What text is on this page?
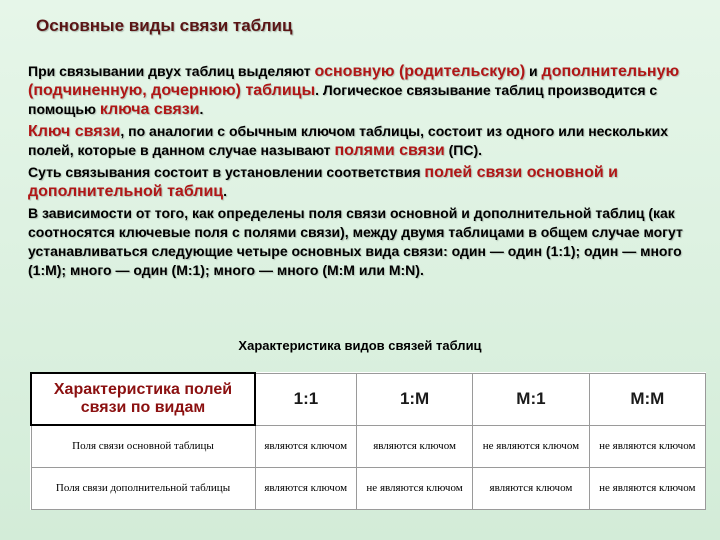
Основные виды связи таблиц

При связывании двух таблиц выделяют основную (родительскую) и дополнительную (подчиненную, дочернюю) таблицы. Логическое связывание таблиц производится с помощью ключа связи.

Ключ связи, по аналогии с обычным ключом таблицы, состоит из одного или нескольких полей, которые в данном случае называют полями связи (ПС).

Суть связывания состоит в установлении соответствия полей связи основной и дополнительной таблиц.

В зависимости от того, как определены поля связи основной и дополнительной таблиц (как соотносятся ключевые поля с полями связи), между двумя таблицами в общем случае могут устанавливаться следующие четыре основных вида связи: один — один (1:1); один — много (1:М); много — один (М:1); много — много (М:М или М:N).

Характеристика видов связей таблиц
Характеристика полей связи по видам	1:1	1:М	М:1	М:М
Поля связи основной таблицы	являются ключом	являются ключом	не являются ключом	не являются ключом
Поля связи дополнительной таблицы	являются ключом	не являются ключом	являются ключом	не являются ключом
